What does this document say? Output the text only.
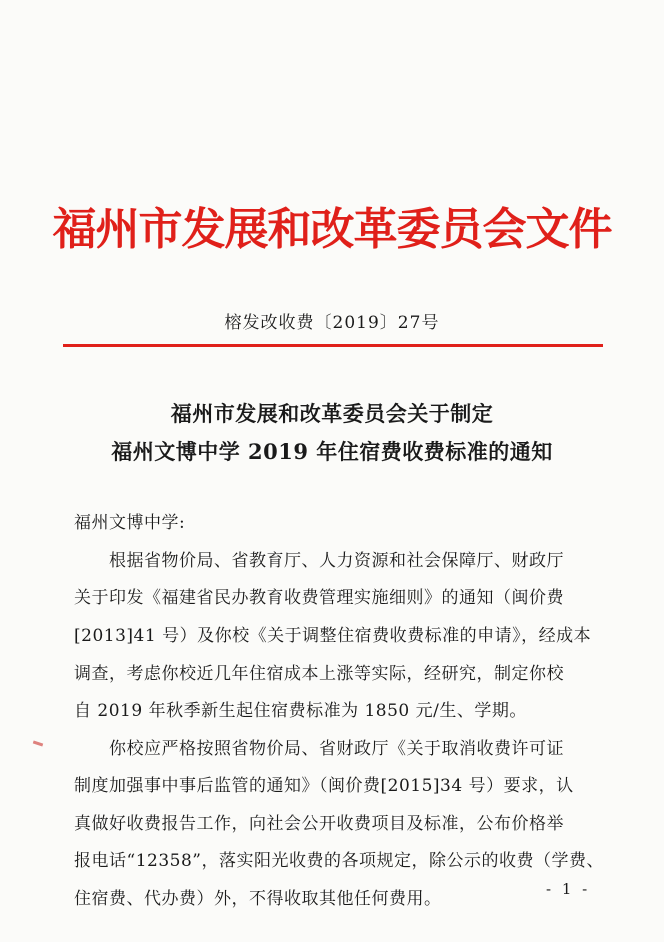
福州市发展和改革委员会文件
榕发改收费〔2019〕27号
福州市发展和改革委员会关于制定
福州文博中学 2019 年住宿费收费标准的通知
福州文博中学:
　　根据省物价局、省教育厅、人力资源和社会保障厅、财政厅
关于印发《福建省民办教育收费管理实施细则》的通知（闽价费
[2013]41 号）及你校《关于调整住宿费收费标准的申请》，经成本
调查，考虑你校近几年住宿成本上涨等实际，经研究，制定你校
自 2019 年秋季新生起住宿费标准为 1850 元/生、学期。
　　你校应严格按照省物价局、省财政厅《关于取消收费许可证
制度加强事中事后监管的通知》（闽价费[2015]34 号）要求，认
真做好收费报告工作，向社会公开收费项目及标准，公布价格举
报电话“12358”，落实阳光收费的各项规定，除公示的收费（学费、
住宿费、代办费）外，不得收取其他任何费用。	- 1 -
